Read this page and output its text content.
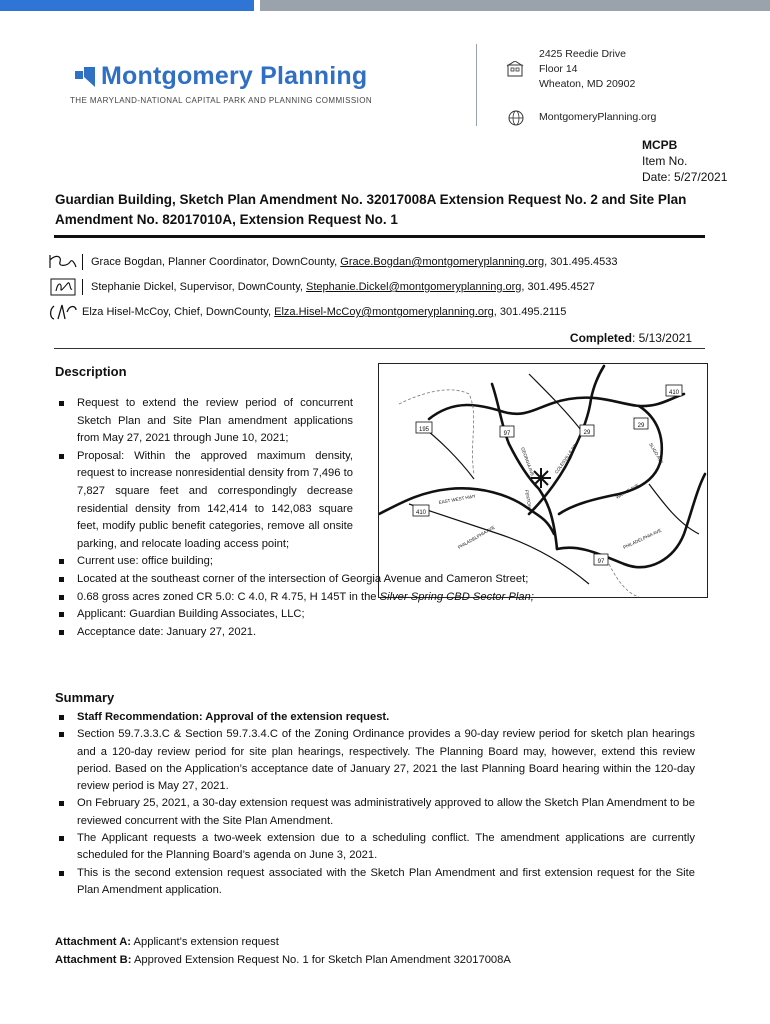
Montgomery Planning
THE MARYLAND-NATIONAL CAPITAL PARK AND PLANNING COMMISSION
2425 Reedie Drive
Floor 14
Wheaton, MD 20902
MontgomeryPlanning.org
MCPB
Item No.
Date: 5/27/2021
Guardian Building, Sketch Plan Amendment No. 32017008A Extension Request No. 2 and Site Plan Amendment No. 82017010A, Extension Request No. 1
Grace Bogdan, Planner Coordinator, DownCounty, Grace.Bogdan@montgomeryplanning.org, 301.495.4533
Stephanie Dickel, Supervisor, DownCounty, Stephanie.Dickel@montgomeryplanning.org, 301.495.4527
Elza Hisel-McCoy, Chief, DownCounty, Elza.Hisel-McCoy@montgomeryplanning.org, 301.495.2115
Completed: 5/13/2021
Description
410
29
97
29
195
410
97
GEORGIA AVE	COLESVILLE RD
EAST WEST HWY
PHILADELPHIA AVE
WAYNE AVE
SLIGO AVE
PHILADELPHIA AVE
FENTON
Request to extend the review period of concurrent Sketch Plan and Site Plan amendment applications from May 27, 2021 through June 10, 2021;
Proposal: Within the approved maximum density, request to increase nonresidential density from 7,496 to 7,827 square feet and correspondingly decrease residential density from 142,414 to 142,083 square feet, modify public benefit categories, remove all onsite parking, and relocate loading access point;
Current use: office building;
Located at the southeast corner of the intersection of Georgia Avenue and Cameron Street;
0.68 gross acres zoned CR 5.0: C 4.0, R 4.75, H 145T in the Silver Spring CBD Sector Plan;
Applicant: Guardian Building Associates, LLC;
Acceptance date: January 27, 2021.
Summary
Staff Recommendation: Approval of the extension request.
Section 59.7.3.3.C & Section 59.7.3.4.C of the Zoning Ordinance provides a 90-day review period for sketch plan hearings and a 120-day review period for site plan hearings, respectively. The Planning Board may, however, extend this review period. Based on the Application’s acceptance date of January 27, 2021 the last Planning Board hearing within the 120-day review period is May 27, 2021.
On February 25, 2021, a 30-day extension request was administratively approved to allow the Sketch Plan Amendment to be reviewed concurrent with the Site Plan Amendment.
The Applicant requests a two-week extension due to a scheduling conflict. The amendment applications are currently scheduled for the Planning Board’s agenda on June 3, 2021.
This is the second extension request associated with the Sketch Plan Amendment and first extension request for the Site Plan Amendment application.
Attachment A: Applicant’s extension request
Attachment B: Approved Extension Request No. 1 for Sketch Plan Amendment 32017008A
